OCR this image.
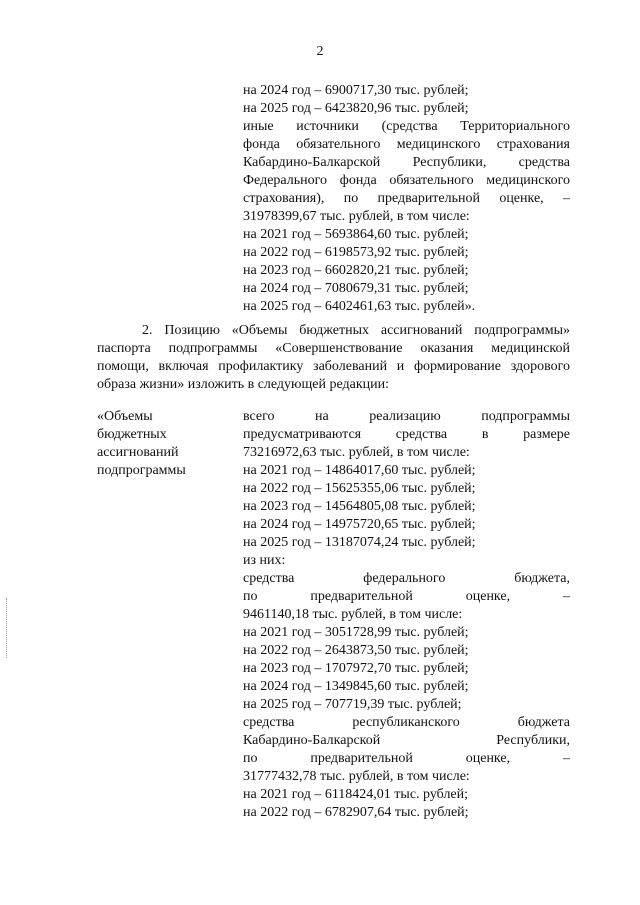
2
на 2024 год – 6900717,30 тыс. рублей;
на 2025 год – 6423820,96 тыс. рублей;
иные источники (средства Территориального
фонда обязательного медицинского страхования
Кабардино-Балкарской Республики, средства
Федерального фонда обязательного медицинского
страхования), по предварительной оценке, –
31978399,67 тыс. рублей, в том числе:
на 2021 год – 5693864,60 тыс. рублей;
на 2022 год – 6198573,92 тыс. рублей;
на 2023 год – 6602820,21 тыс. рублей;
на 2024 год – 7080679,31 тыс. рублей;
на 2025 год – 6402461,63 тыс. рублей».
2. Позицию «Объемы бюджетных ассигнований подпрограммы»
паспорта подпрограммы «Совершенствование оказания медицинской
помощи, включая профилактику заболеваний и формирование здорового
образа жизни» изложить в следующей редакции:
«Объемы
бюджетных
ассигнований
подпрограммы
всего на реализацию подпрограммы
предусматриваются средства в размере
73216972,63 тыс. рублей, в том числе:
на 2021 год – 14864017,60 тыс. рублей;
на 2022 год – 15625355,06 тыс. рублей;
на 2023 год – 14564805,08 тыс. рублей;
на 2024 год – 14975720,65 тыс. рублей;
на 2025 год – 13187074,24 тыс. рублей;
из них:
средства федерального бюджета,
по предварительной оценке, –
9461140,18 тыс. рублей, в том числе:
на 2021 год – 3051728,99 тыс. рублей;
на 2022 год – 2643873,50 тыс. рублей;
на 2023 год – 1707972,70 тыс. рублей;
на 2024 год – 1349845,60 тыс. рублей;
на 2025 год – 707719,39 тыс. рублей;
средства республиканского бюджета
Кабардино-Балкарской Республики,
по предварительной оценке, –
31777432,78 тыс. рублей, в том числе:
на 2021 год – 6118424,01 тыс. рублей;
на 2022 год – 6782907,64 тыс. рублей;
